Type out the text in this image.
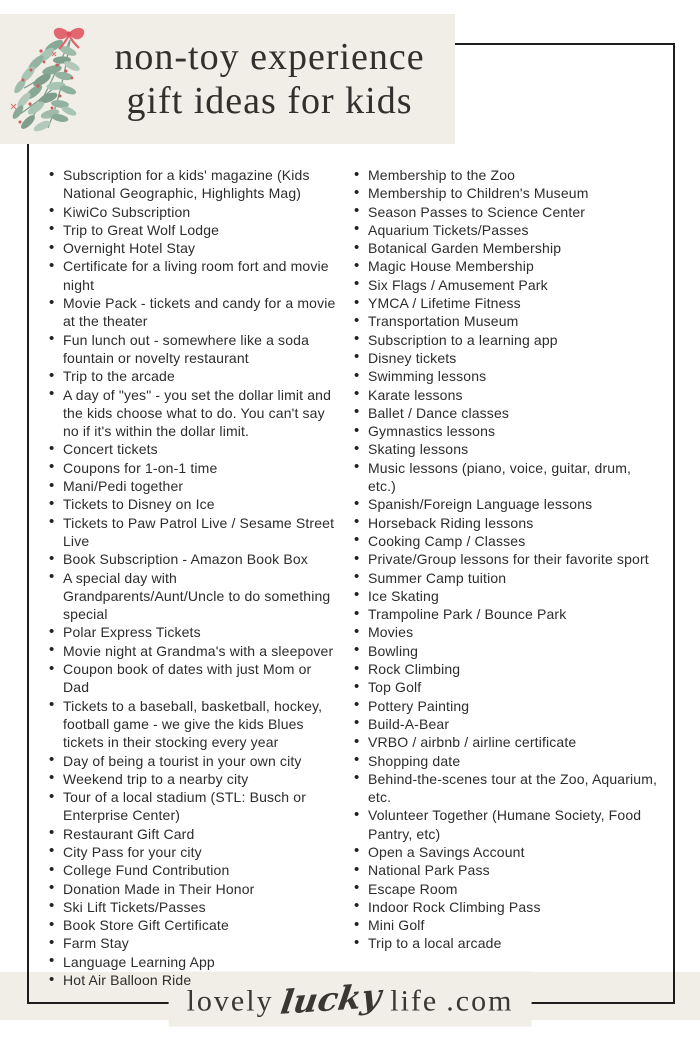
non-toy experience
gift ideas for kids
• Subscription for a kids' magazine (Kids National Geographic, Highlights Mag)
• KiwiCo Subscription
• Trip to Great Wolf Lodge
• Overnight Hotel Stay
• Certificate for a living room fort and movie night
• Movie Pack - tickets and candy for a movie at the theater
• Fun lunch out - somewhere like a soda fountain or novelty restaurant
• Trip to the arcade
• A day of "yes" - you set the dollar limit and the kids choose what to do. You can't say no if it's within the dollar limit.
• Concert tickets
• Coupons for 1-on-1 time
• Mani/Pedi together
• Tickets to Disney on Ice
• Tickets to Paw Patrol Live / Sesame Street Live
• Book Subscription - Amazon Book Box
• A special day with Grandparents/Aunt/Uncle to do something special
• Polar Express Tickets
• Movie night at Grandma's with a sleepover
• Coupon book of dates with just Mom or Dad
• Tickets to a baseball, basketball, hockey, football game - we give the kids Blues tickets in their stocking every year
• Day of being a tourist in your own city
• Weekend trip to a nearby city
• Tour of a local stadium (STL: Busch or Enterprise Center)
• Restaurant Gift Card
• City Pass for your city
• College Fund Contribution
• Donation Made in Their Honor
• Ski Lift Tickets/Passes
• Book Store Gift Certificate
• Farm Stay
• Language Learning App
• Hot Air Balloon Ride
• Membership to the Zoo
• Membership to Children's Museum
• Season Passes to Science Center
• Aquarium Tickets/Passes
• Botanical Garden Membership
• Magic House Membership
• Six Flags / Amusement Park
• YMCA / Lifetime Fitness
• Transportation Museum
• Subscription to a learning app
• Disney tickets
• Swimming lessons
• Karate lessons
• Ballet / Dance classes
• Gymnastics lessons
• Skating lessons
• Music lessons (piano, voice, guitar, drum, etc.)
• Spanish/Foreign Language lessons
• Horseback Riding lessons
• Cooking Camp / Classes
• Private/Group lessons for their favorite sport
• Summer Camp tuition
• Ice Skating
• Trampoline Park / Bounce Park
• Movies
• Bowling
• Rock Climbing
• Top Golf
• Pottery Painting
• Build-A-Bear
• VRBO / airbnb / airline certificate
• Shopping date
• Behind-the-scenes tour at the Zoo, Aquarium, etc.
• Volunteer Together (Humane Society, Food Pantry, etc)
• Open a Savings Account
• National Park Pass
• Escape Room
• Indoor Rock Climbing Pass
• Mini Golf
• Trip to a local arcade
lovely lucky life .com
